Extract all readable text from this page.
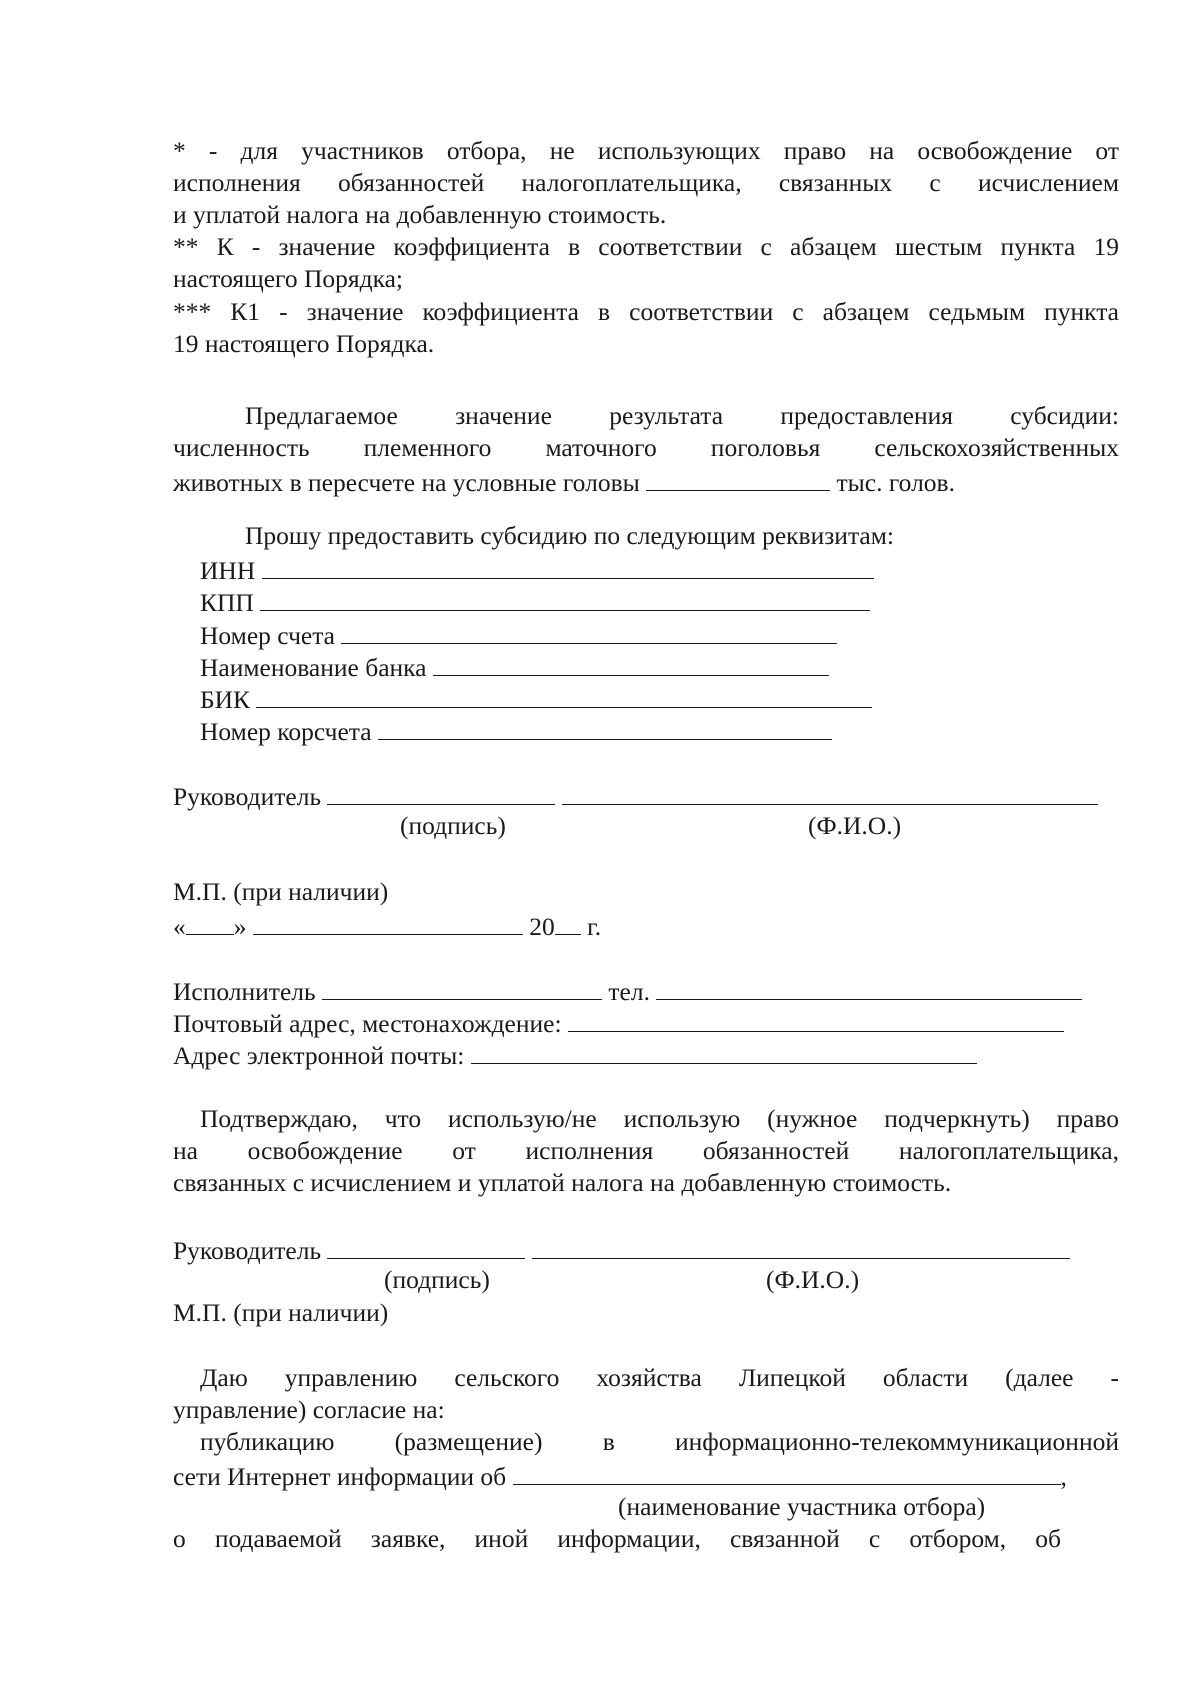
* - для участников отбора, не использующих право на освобождение от
исполнения обязанностей налогоплательщика, связанных с исчислением
и уплатой налога на добавленную стоимость.
** К - значение коэффициента в соответствии с абзацем шестым пункта 19
настоящего Порядка;
*** К1 - значение коэффициента в соответствии с абзацем седьмым пункта
19 настоящего Порядка.
Предлагаемое значение результата предоставления субсидии:
численность племенного маточного поголовья сельскохозяйственных
животных в пересчете на условные головы	тыс. голов.
Прошу предоставить субсидию по следующим реквизитам:
ИНН
КПП
Номер счета
Наименование банка
БИК
Номер корсчета
Руководитель
(подпись)	(Ф.И.О.)
М.П. (при наличии)
« »	20 г.
Исполнитель	тел.
Почтовый адрес, местонахождение:
Адрес электронной почты:
Подтверждаю, что использую/не использую (нужное подчеркнуть) право
на освобождение от исполнения обязанностей налогоплательщика,
связанных с исчислением и уплатой налога на добавленную стоимость.
Руководитель
(подпись)	(Ф.И.О.)
М.П. (при наличии)
Даю управлению сельского хозяйства Липецкой области (далее -
управление) согласие на:
публикацию (размещение) в информационно-телекоммуникационной
сети Интернет информации об	,
(наименование участника отбора)
о подаваемой заявке, иной информации, связанной с отбором, об
